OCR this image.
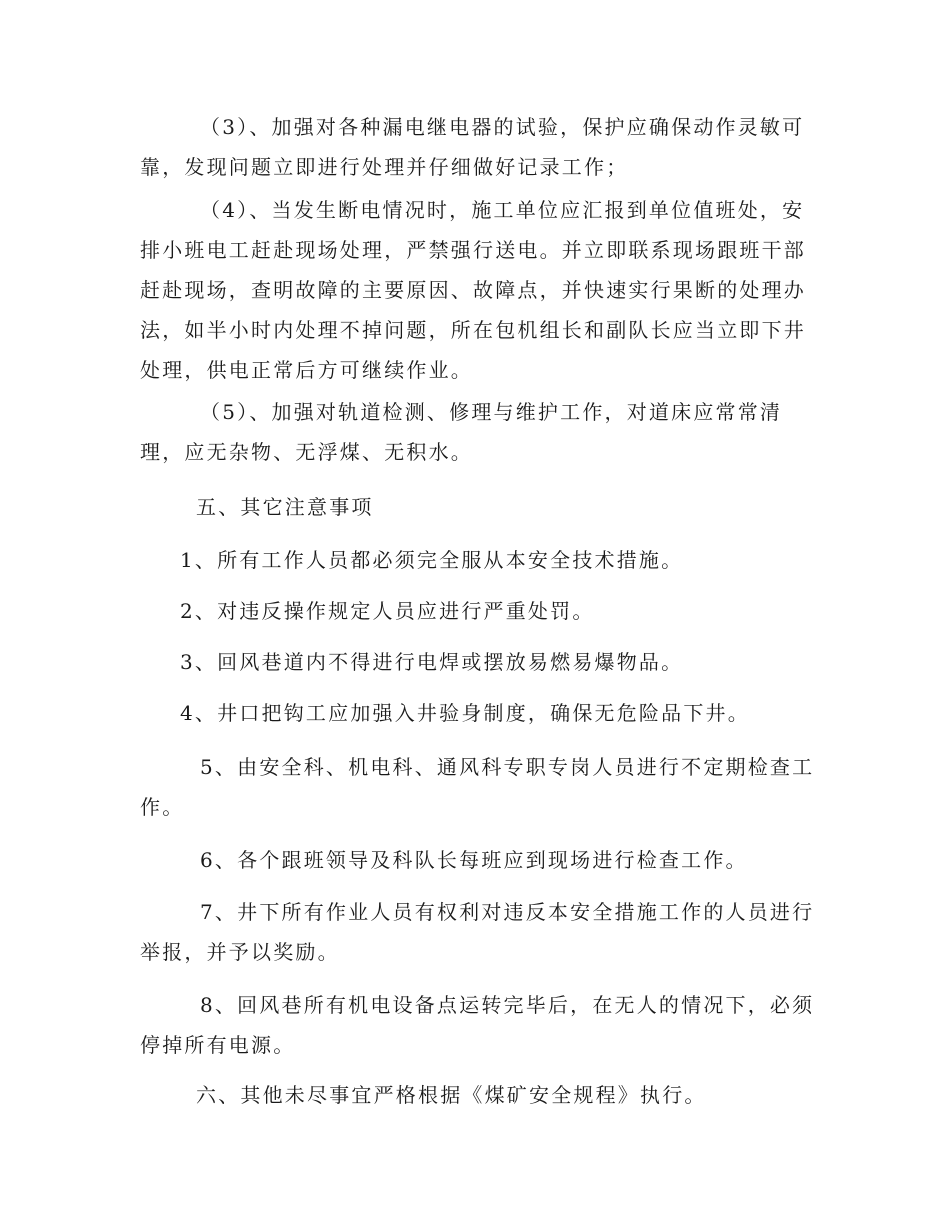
（3）、加强对各种漏电继电器的试验，保护应确保动作灵敏可靠，发现问题立即进行处理并仔细做好记录工作；

（4）、当发生断电情况时，施工单位应汇报到单位值班处，安排小班电工赶赴现场处理，严禁强行送电。并立即联系现场跟班干部赶赴现场，查明故障的主要原因、故障点，并快速实行果断的处理办法，如半小时内处理不掉问题，所在包机组长和副队长应当立即下井处理，供电正常后方可继续作业。

（5）、加强对轨道检测、修理与维护工作，对道床应常常清理，应无杂物、无浮煤、无积水。

五、其它注意事项

1、所有工作人员都必须完全服从本安全技术措施。

2、对违反操作规定人员应进行严重处罚。

3、回风巷道内不得进行电焊或摆放易燃易爆物品。

4、井口把钩工应加强入井验身制度，确保无危险品下井。

5、由安全科、机电科、通风科专职专岗人员进行不定期检查工作。

6、各个跟班领导及科队长每班应到现场进行检查工作。

7、井下所有作业人员有权利对违反本安全措施工作的人员进行举报，并予以奖励。

8、回风巷所有机电设备点运转完毕后，在无人的情况下，必须停掉所有电源。

六、其他未尽事宜严格根据《煤矿安全规程》执行。
